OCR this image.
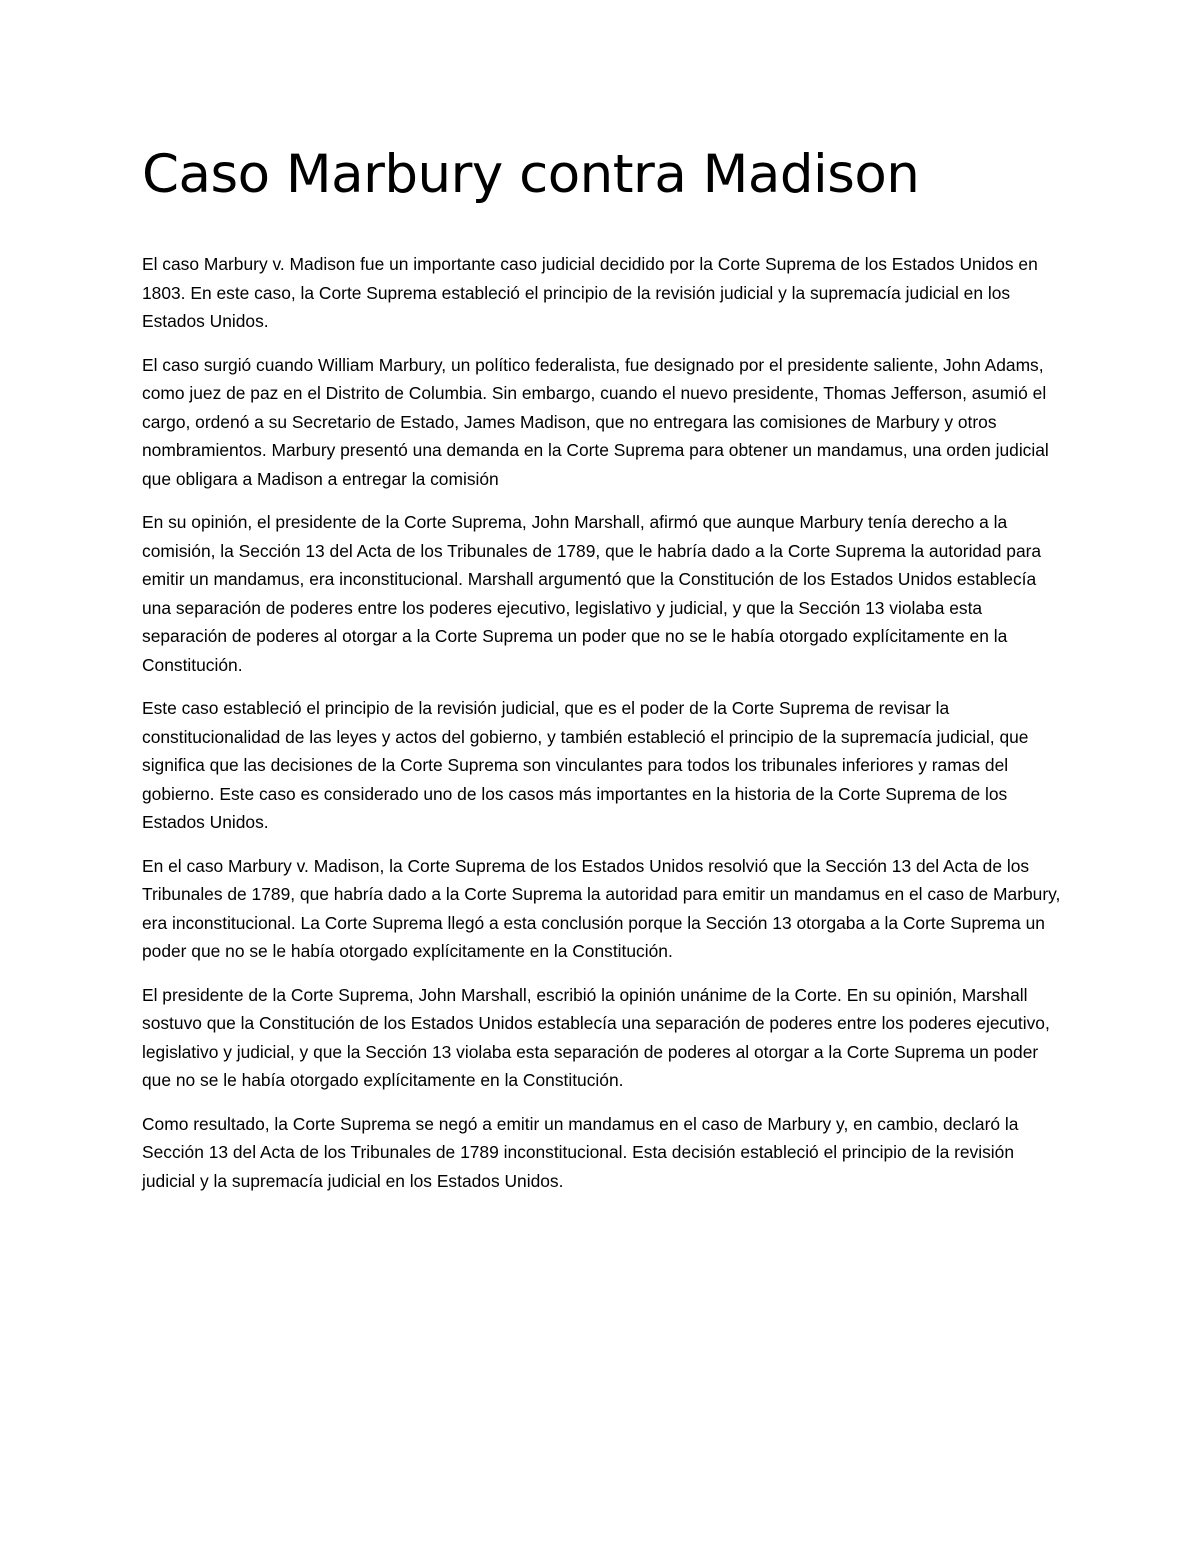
Caso Marbury contra Madison

El caso Marbury v. Madison fue un importante caso judicial decidido por la Corte Suprema de los Estados Unidos en 1803. En este caso, la Corte Suprema estableció el principio de la revisión judicial y la supremacía judicial en los Estados Unidos.

El caso surgió cuando William Marbury, un político federalista, fue designado por el presidente saliente, John Adams, como juez de paz en el Distrito de Columbia. Sin embargo, cuando el nuevo presidente, Thomas Jefferson, asumió el cargo, ordenó a su Secretario de Estado, James Madison, que no entregara las comisiones de Marbury y otros nombramientos. Marbury presentó una demanda en la Corte Suprema para obtener un mandamus, una orden judicial que obligara a Madison a entregar la comisión

En su opinión, el presidente de la Corte Suprema, John Marshall, afirmó que aunque Marbury tenía derecho a la comisión, la Sección 13 del Acta de los Tribunales de 1789, que le habría dado a la Corte Suprema la autoridad para emitir un mandamus, era inconstitucional. Marshall argumentó que la Constitución de los Estados Unidos establecía una separación de poderes entre los poderes ejecutivo, legislativo y judicial, y que la Sección 13 violaba esta separación de poderes al otorgar a la Corte Suprema un poder que no se le había otorgado explícitamente en la Constitución.

Este caso estableció el principio de la revisión judicial, que es el poder de la Corte Suprema de revisar la constitucionalidad de las leyes y actos del gobierno, y también estableció el principio de la supremacía judicial, que significa que las decisiones de la Corte Suprema son vinculantes para todos los tribunales inferiores y ramas del gobierno. Este caso es considerado uno de los casos más importantes en la historia de la Corte Suprema de los Estados Unidos.

En el caso Marbury v. Madison, la Corte Suprema de los Estados Unidos resolvió que la Sección 13 del Acta de los Tribunales de 1789, que habría dado a la Corte Suprema la autoridad para emitir un mandamus en el caso de Marbury, era inconstitucional. La Corte Suprema llegó a esta conclusión porque la Sección 13 otorgaba a la Corte Suprema un poder que no se le había otorgado explícitamente en la Constitución.

El presidente de la Corte Suprema, John Marshall, escribió la opinión unánime de la Corte. En su opinión, Marshall sostuvo que la Constitución de los Estados Unidos establecía una separación de poderes entre los poderes ejecutivo, legislativo y judicial, y que la Sección 13 violaba esta separación de poderes al otorgar a la Corte Suprema un poder que no se le había otorgado explícitamente en la Constitución.

Como resultado, la Corte Suprema se negó a emitir un mandamus en el caso de Marbury y, en cambio, declaró la Sección 13 del Acta de los Tribunales de 1789 inconstitucional. Esta decisión estableció el principio de la revisión judicial y la supremacía judicial en los Estados Unidos.
